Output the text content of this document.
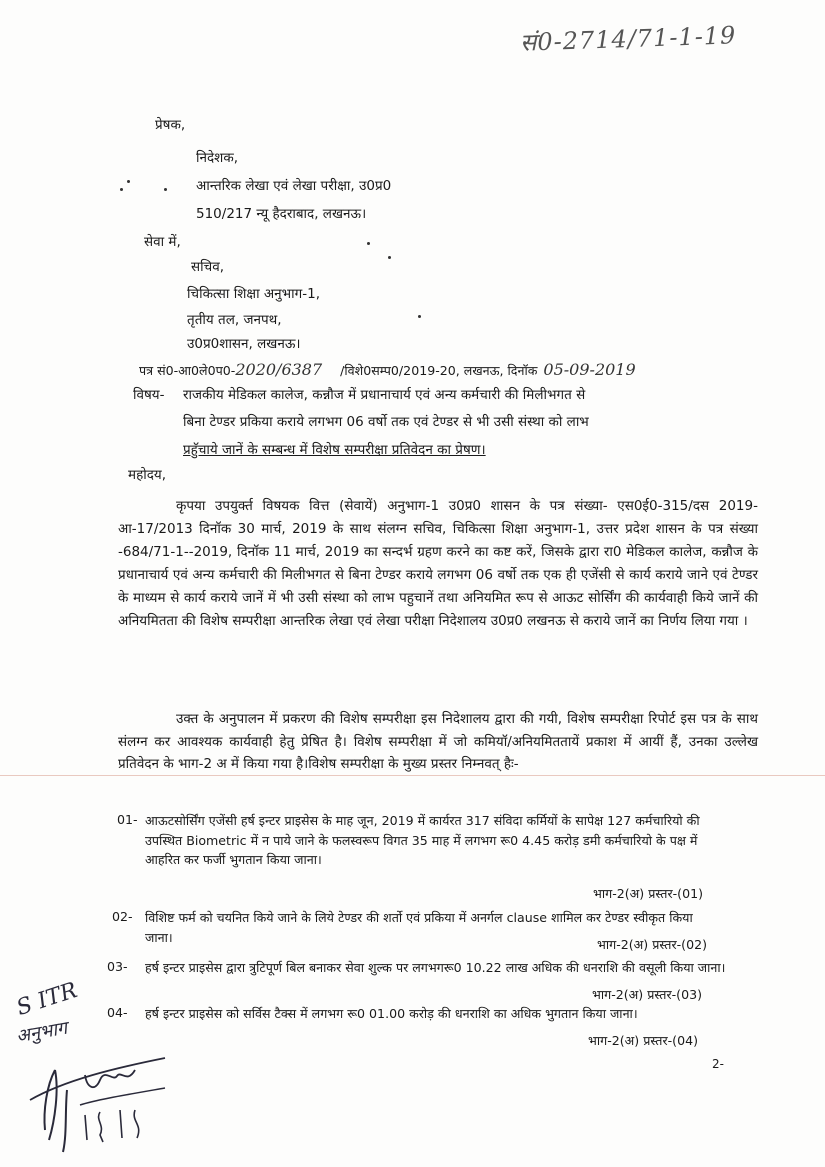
सं0-2714/71-1-19
प्रेषक,
निदेशक,
आन्तरिक लेखा एवं लेखा परीक्षा, उ0प्र0
510/217 न्यू हैदराबाद, लखनऊ।
सेवा में,
सचिव,
चिकित्सा शिक्षा अनुभाग-1,
तृतीय तल, जनपथ,
उ0प्र0शासन, लखनऊ।
पत्र सं0-आ0ले0प0-2020/6387 /विशे0सम्प0/2019-20, लखनऊ, दिनॉक 05-09-2019
विषय- राजकीय मेडिकल कालेज, कन्नौज में प्रधानाचार्य एवं अन्य कर्मचारी की मिलीभगत से
बिना टेण्डर प्रकिया कराये लगभग 06 वर्षो तक एवं टेण्डर से भी उसी संस्था को लाभ
प्रहुॅचाये जानें के सम्बन्ध में विशेष सम्परीक्षा प्रतिवेदन का प्रेषण।
महोदय,
कृपया उपयुर्क्त विषयक वित्त (सेवायें) अनुभाग-1 उ0प्र0 शासन के पत्र संख्या- एस0ई0-315/दस 2019-आ-17/2013 दिनॉक 30 मार्च, 2019 के साथ संलग्न सचिव, चिकित्सा शिक्षा अनुभाग-1, उत्तर प्रदेश शासन के पत्र संख्या -684/71-1--2019, दिनॉक 11 मार्च, 2019 का सन्दर्भ ग्रहण करने का कष्ट करें, जिसके द्वारा रा0 मेडिकल कालेज, कन्नौज के प्रधानाचार्य एवं अन्य कर्मचारी की मिलीभगत से बिना टेण्डर कराये लगभग 06 वर्षो तक एक ही एजेंसी से कार्य कराये जाने एवं टेण्डर के माध्यम से कार्य कराये जानें में भी उसी संस्था को लाभ पहुचानें तथा अनियमित रूप से आऊट सोर्सिंग की कार्यवाही किये जानें की अनियमितता की विशेष सम्परीक्षा आन्तरिक लेखा एवं लेखा परीक्षा निदेशालय उ0प्र0 लखनऊ से कराये जानें का निर्णय लिया गया ।
उक्त के अनुपालन में प्रकरण की विशेष सम्परीक्षा इस निदेशालय द्वारा की गयी, विशेष सम्परीक्षा रिपोर्ट इस पत्र के साथ संलग्न कर आवश्यक कार्यवाही हेतु प्रेषित है। विशेष सम्परीक्षा में जो कमियॉ/अनियमिततायें प्रकाश में आयीं हैं, उनका उल्लेख प्रतिवेदन के भाग-2 अ में किया गया है।विशेष सम्परीक्षा के मुख्य प्रस्तर निम्नवत् हैः-
01- आऊटसोर्सिंग एजेंसी हर्ष इन्टर प्राइसेस के माह जून, 2019 में कार्यरत 317 संविदा कर्मियों के सापेक्ष 127 कर्मचारियो की उपस्थित Biometric में न पाये जाने के फलस्वरूप विगत 35 माह में लगभग रू0 4.45 करोड़ डमी कर्मचारियो के पक्ष में आहरित कर फर्जी भुगतान किया जाना।
भाग-2(अ) प्रस्तर-(01)
02- विशिष्ट फर्म को चयनित किये जाने के लिये टेण्डर की शर्तो एवं प्रकिया में अनर्गल clause शामिल कर टेण्डर स्वीकृत किया जाना।	भाग-2(अ) प्रस्तर-(02)
03- हर्ष इन्टर प्राइसेस द्वारा त्रुटिपूर्ण बिल बनाकर सेवा शुल्क पर लगभगरू0 10.22 लाख अधिक की धनराशि की वसूली किया जाना।
भाग-2(अ) प्रस्तर-(03)
04- हर्ष इन्टर प्राइसेस को सर्विस टैक्स में लगभग रू0 01.00 करोड़ की धनराशि का अधिक भुगतान किया जाना।
भाग-2(अ) प्रस्तर-(04)
2-
S ITR
अनुभाग
